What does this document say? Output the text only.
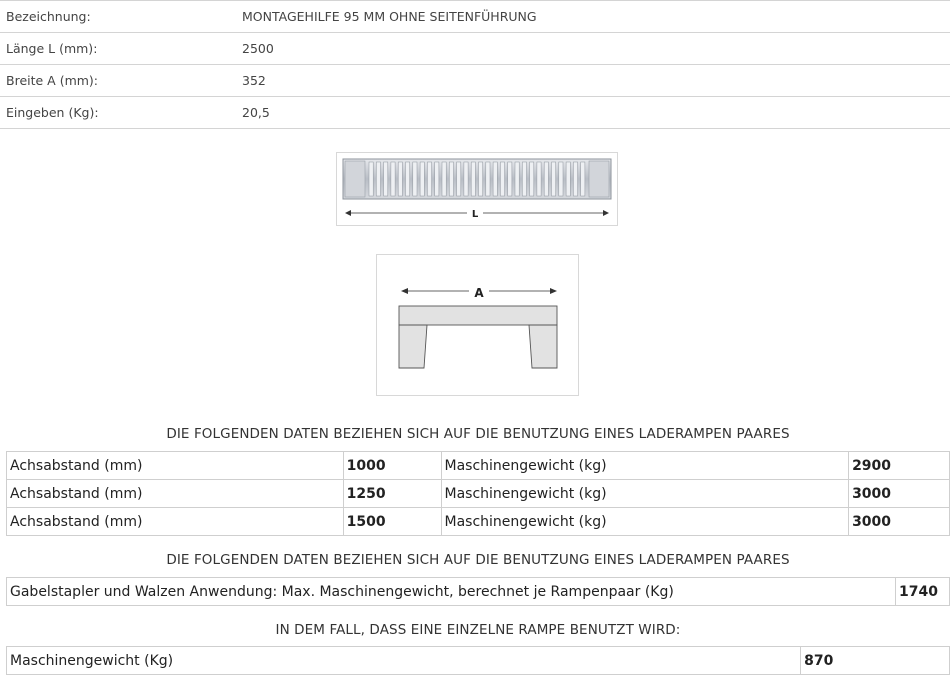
Bezeichnung:	MONTAGEHILFE 95 MM OHNE SEITENFÜHRUNG
Länge L (mm):	2500
Breite A (mm):	352
Eingeben (Kg):	20,5
L
A
DIE FOLGENDEN DATEN BEZIEHEN SICH AUF DIE BENUTZUNG EINES LADERAMPEN PAARES
Achsabstand (mm)	1000	Maschinengewicht (kg)	2900
Achsabstand (mm)	1250	Maschinengewicht (kg)	3000
Achsabstand (mm)	1500	Maschinengewicht (kg)	3000
DIE FOLGENDEN DATEN BEZIEHEN SICH AUF DIE BENUTZUNG EINES LADERAMPEN PAARES
Gabelstapler und Walzen Anwendung: Max. Maschinengewicht, berechnet je Rampenpaar (Kg)	1740
IN DEM FALL, DASS EINE EINZELNE RAMPE BENUTZT WIRD:
Maschinengewicht (Kg)	870
